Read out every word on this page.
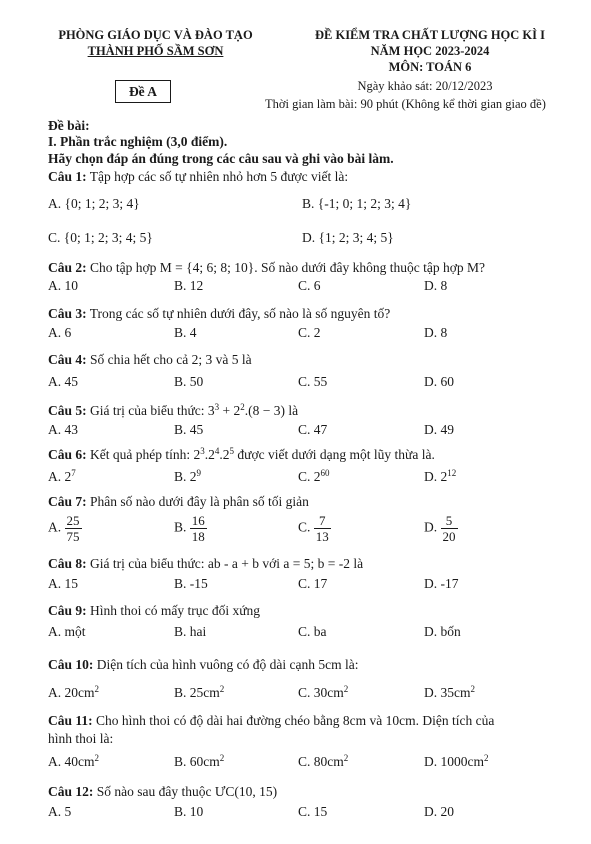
PHÒNG GIÁO DỤC VÀ ĐÀO TẠO
THÀNH PHỐ SẦM SƠN
ĐỀ KIỂM TRA CHẤT LƯỢNG HỌC KÌ I
NĂM HỌC 2023-2024
MÔN: TOÁN 6
Đề A	Ngày khảo sát: 20/12/2023
Thời gian làm bài: 90 phút (Không kể thời gian giao đề)
Đề bài:
I. Phần trắc nghiệm (3,0 điểm).
Hãy chọn đáp án đúng trong các câu sau và ghi vào bài làm.
Câu 1: Tập hợp các số tự nhiên nhỏ hơn 5 được viết là:
A. {0; 1; 2; 3; 4}	B. {-1; 0; 1; 2; 3; 4}
C. {0; 1; 2; 3; 4; 5}	D. {1; 2; 3; 4; 5}
Câu 2: Cho tập hợp M = {4; 6; 8; 10}. Số nào dưới đây không thuộc tập hợp M?
A. 10	B. 12	C. 6	D. 8
Câu 3: Trong các số tự nhiên dưới đây, số nào là số nguyên tố?
A. 6	B. 4	C. 2	D. 8
Câu 4: Số chia hết cho cả 2; 3 và 5 là
A. 45	B. 50	C. 55	D. 60
Câu 5: Giá trị của biểu thức: $3^3 + 2^2.(8 - 3)$ là
A. 43	B. 45	C. 47	D. 49
Câu 6: Kết quả phép tính: $2^3.2^4.2^5$ được viết dưới dạng một lũy thừa là.
A. $2^7$	B. $2^9$	C. $2^{60}$	D. $2^{12}$
Câu 7: Phân số nào dưới đây là phân số tối giản
A. $\frac{25}{75}$	B. $\frac{16}{18}$	C. $\frac{7}{13}$	D. $\frac{5}{20}$
Câu 8: Giá trị của biểu thức: ab - a + b với a = 5; b = -2 là
A. 15	B. -15	C. 17	D. -17
Câu 9: Hình thoi có mấy trục đối xứng
A. một	B. hai	C. ba	D. bốn
Câu 10: Diện tích của hình vuông có độ dài cạnh 5cm là:
A. $20cm^2$	B. $25cm^2$	C. $30cm^2$	D. $35cm^2$
Câu 11: Cho hình thoi có độ dài hai đường chéo bằng 8cm và 10cm. Diện tích của
hình thoi là:
A. $40cm^2$	B. $60cm^2$	C. $80cm^2$	D. $1000cm^2$
Câu 12: Số nào sau đây thuộc ƯC(10, 15)
A. 5	B. 10	C. 15	D. 20
